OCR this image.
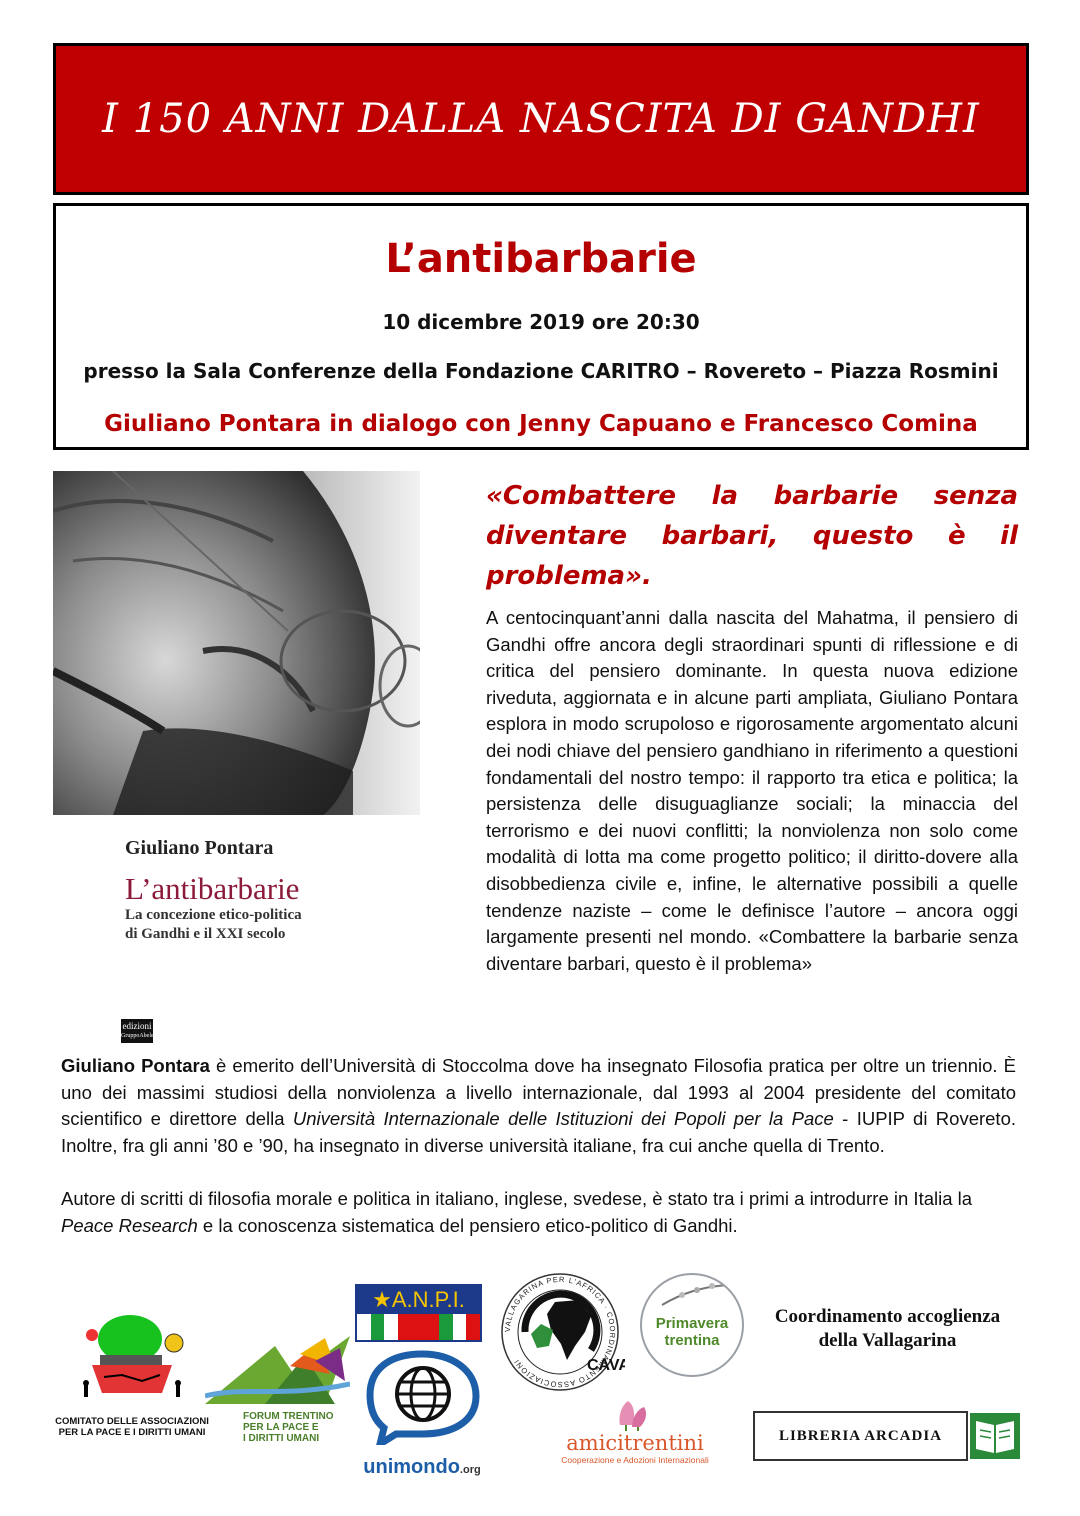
I 150 ANNI DALLA NASCITA DI GANDHI
L’antibarbarie
10 dicembre 2019 ore 20:30
presso la Sala Conferenze della Fondazione CARITRO – Rovereto – Piazza Rosmini
Giuliano Pontara in dialogo con Jenny Capuano e Francesco Comina
Giuliano Pontara
L’antibarbarie
La concezione etico-politica
di Gandhi e il XXI secolo
edizioni
GruppoAbele
«Combattere la barbarie senza diventare barbari, questo è il problema».
A centocinquant’anni dalla nascita del Mahatma, il pensiero di Gandhi offre ancora degli straordinari spunti di riflessione e di critica del pensiero dominante. In questa nuova edizione riveduta, aggiornata e in alcune parti ampliata, Giuliano Pontara esplora in modo scrupoloso e rigorosamente argomentato alcuni dei nodi chiave del pensiero gandhiano in riferimento a questioni fondamentali del nostro tempo: il rapporto tra etica e politica; la persistenza delle disuguaglianze sociali; la minaccia del terrorismo e dei nuovi conflitti; la nonviolenza non solo come modalità di lotta ma come progetto politico; il diritto-dovere alla disobbedienza civile e, infine, le alternative possibili a quelle tendenze naziste – come le definisce l’autore – ancora oggi largamente presenti nel mondo. «Combattere la barbarie senza diventare barbari, questo è il problema»
Giuliano Pontara è emerito dell’Università di Stoccolma dove ha insegnato Filosofia pratica per oltre un triennio. È uno dei massimi studiosi della nonviolenza a livello internazionale, dal 1993 al 2004 presidente del comitato scientifico e direttore della Università Internazionale delle Istituzioni dei Popoli per la Pace - IUPIP di Rovereto. Inoltre, fra gli anni ’80 e ’90, ha insegnato in diverse università italiane, fra cui anche quella di Trento.
Autore di scritti di filosofia morale e politica in italiano, inglese, svedese, è stato tra i primi a introdurre in Italia la Peace Research e la conoscenza sistematica del pensiero etico-politico di Gandhi.
COMITATO DELLE ASSOCIAZIONI
PER LA PACE E I DIRITTI UMANI
FORUM TRENTINO
PER LA PACE E
I DIRITTI UMANI
★A.N.P.I.
unimondo.org
CAVA
Primavera
trentina
amicitrentini
Cooperazione e Adozioni Internazionali
Coordinamento accoglienza
della Vallagarina
LIBRERIA ARCADIA
VALLAGARINA PER L'AFRICA · COORDINAMENTO ASSOCIAZIONI
